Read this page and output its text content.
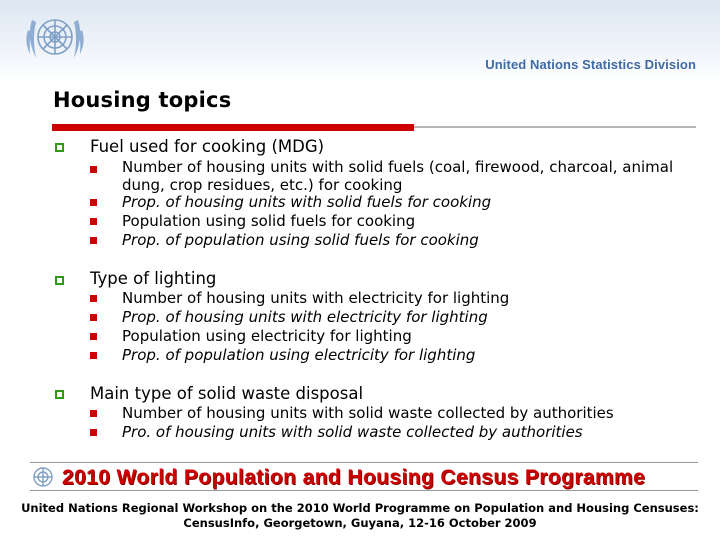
United Nations Statistics Division
Housing topics
Fuel used for cooking (MDG)
Number of housing units with solid fuels (coal, firewood, charcoal, animal dung, crop residues, etc.) for cooking
Prop. of housing units with solid fuels for cooking
Population using solid fuels for cooking
Prop. of population using solid fuels for cooking
Type of lighting
Number of housing units with electricity for lighting
Prop. of housing units with electricity for lighting
Population using electricity for lighting
Prop. of population using electricity for lighting
Main type of solid waste disposal
Number of housing units with solid waste collected by authorities
Pro. of housing units with solid waste collected by authorities
2010 World Population and Housing Census Programme
United Nations Regional Workshop on the 2010 World Programme on Population and Housing Censuses:
CensusInfo, Georgetown, Guyana, 12-16 October 2009
